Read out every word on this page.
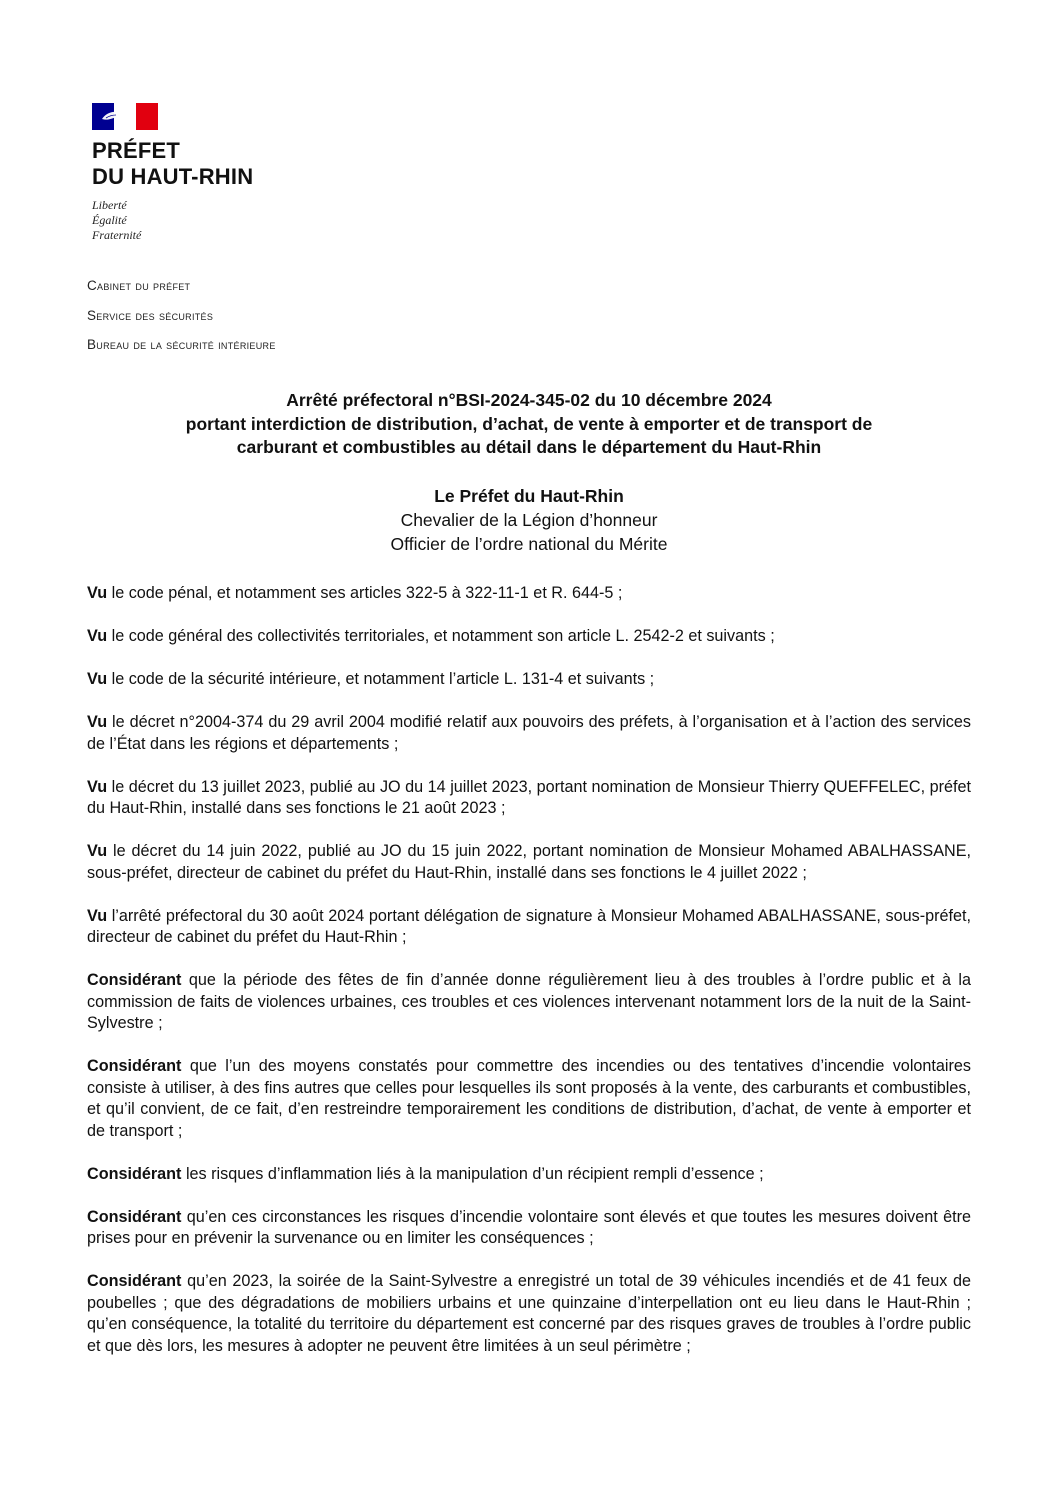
PRÉFET
DU HAUT-RHIN
Liberté
Égalité
Fraternité
Cabinet du préfet
Service des sécurités
Bureau de la sécurité intérieure
Arrêté préfectoral n°BSI-2024-345-02 du 10 décembre 2024
portant interdiction de distribution, d’achat, de vente à emporter et de transport de
carburant et combustibles au détail dans le département du Haut-Rhin
Le Préfet du Haut-Rhin
Chevalier de la Légion d’honneur
Officier de l’ordre national du Mérite

Vu le code pénal, et notamment ses articles 322-5 à 322-11-1 et R. 644-5 ;

Vu le code général des collectivités territoriales, et notamment son article L. 2542-2 et suivants ;

Vu le code de la sécurité intérieure, et notamment l’article L. 131-4 et suivants ;

Vu le décret n°2004-374 du 29 avril 2004 modifié relatif aux pouvoirs des préfets, à l’organisation et à l’action des services de l’État dans les régions et départements ;

Vu le décret du 13 juillet 2023, publié au JO du 14 juillet 2023, portant nomination de Monsieur Thierry QUEFFELEC, préfet du Haut-Rhin, installé dans ses fonctions le 21 août 2023 ;

Vu le décret du 14 juin 2022, publié au JO du 15 juin 2022, portant nomination de Monsieur Mohamed ABALHASSANE, sous-préfet, directeur de cabinet du préfet du Haut-Rhin, installé dans ses fonctions le 4 juillet 2022 ;

Vu l’arrêté préfectoral du 30 août 2024 portant délégation de signature à Monsieur Mohamed ABALHASSANE, sous-préfet, directeur de cabinet du préfet du Haut-Rhin ;

Considérant que la période des fêtes de fin d’année donne régulièrement lieu à des troubles à l’ordre public et à la commission de faits de violences urbaines, ces troubles et ces violences intervenant notamment lors de la nuit de la Saint-Sylvestre ;

Considérant que l’un des moyens constatés pour commettre des incendies ou des tentatives d’incendie volontaires consiste à utiliser, à des fins autres que celles pour lesquelles ils sont proposés à la vente, des carburants et combustibles, et qu’il convient, de ce fait, d’en restreindre temporairement les conditions de distribution, d’achat, de vente à emporter et de transport ;

Considérant les risques d’inflammation liés à la manipulation d’un récipient rempli d’essence ;

Considérant qu’en ces circonstances les risques d’incendie volontaire sont élevés et que toutes les mesures doivent être prises pour en prévenir la survenance ou en limiter les conséquences ;

Considérant qu’en 2023, la soirée de la Saint-Sylvestre a enregistré un total de 39 véhicules incendiés et de 41 feux de poubelles ; que des dégradations de mobiliers urbains et une quinzaine d’interpellation ont eu lieu dans le Haut-Rhin ; qu’en conséquence, la totalité du territoire du département est concerné par des risques graves de troubles à l’ordre public et que dès lors, les mesures à adopter ne peuvent être limitées à un seul périmètre ;
